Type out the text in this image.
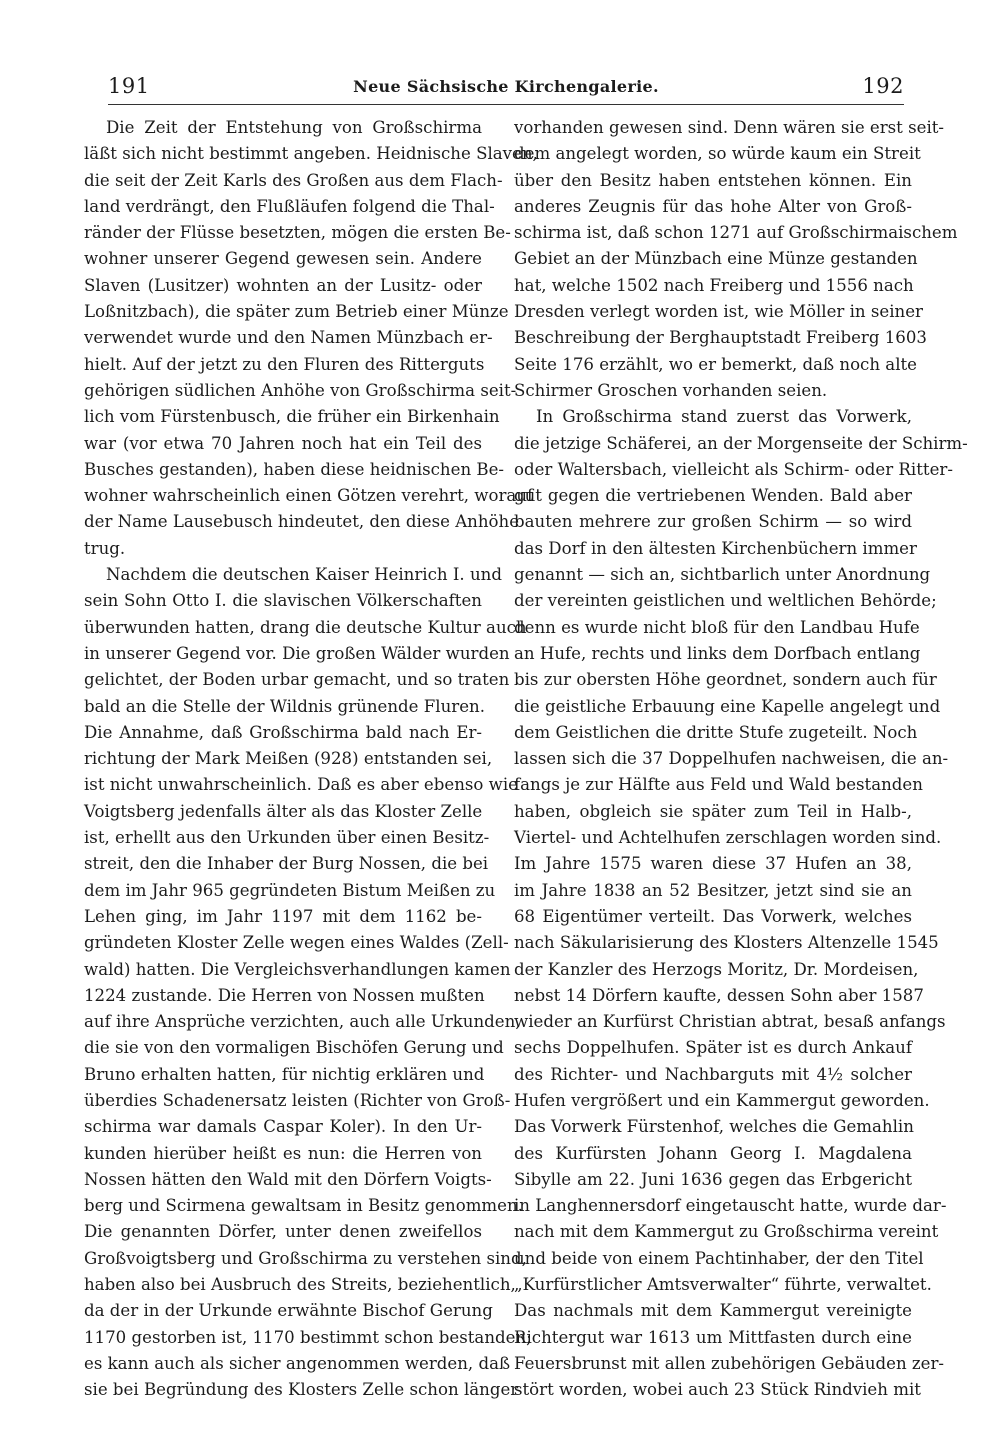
191	Neue Sächsische Kirchengalerie.	192
Die Zeit der Entstehung von Großschirma
läßt sich nicht bestimmt angeben. Heidnische Slaven,
die seit der Zeit Karls des Großen aus dem Flach-
land verdrängt, den Flußläufen folgend die Thal-
ränder der Flüsse besetzten, mögen die ersten Be-
wohner unserer Gegend gewesen sein. Andere
Slaven (Lusitzer) wohnten an der Lusitz- oder
Loßnitzbach), die später zum Betrieb einer Münze
verwendet wurde und den Namen Münzbach er-
hielt. Auf der jetzt zu den Fluren des Ritterguts
gehörigen südlichen Anhöhe von Großschirma seit-
lich vom Fürstenbusch, die früher ein Birkenhain
war (vor etwa 70 Jahren noch hat ein Teil des
Busches gestanden), haben diese heidnischen Be-
wohner wahrscheinlich einen Götzen verehrt, worauf
der Name Lausebusch hindeutet, den diese Anhöhe
trug.
Nachdem die deutschen Kaiser Heinrich I. und
sein Sohn Otto I. die slavischen Völkerschaften
überwunden hatten, drang die deutsche Kultur auch
in unserer Gegend vor. Die großen Wälder wurden
gelichtet, der Boden urbar gemacht, und so traten
bald an die Stelle der Wildnis grünende Fluren.
Die Annahme, daß Großschirma bald nach Er-
richtung der Mark Meißen (928) entstanden sei,
ist nicht unwahrscheinlich. Daß es aber ebenso wie
Voigtsberg jedenfalls älter als das Kloster Zelle
ist, erhellt aus den Urkunden über einen Besitz-
streit, den die Inhaber der Burg Nossen, die bei
dem im Jahr 965 gegründeten Bistum Meißen zu
Lehen ging, im Jahr 1197 mit dem 1162 be-
gründeten Kloster Zelle wegen eines Waldes (Zell-
wald) hatten. Die Vergleichsverhandlungen kamen
1224 zustande. Die Herren von Nossen mußten
auf ihre Ansprüche verzichten, auch alle Urkunden,
die sie von den vormaligen Bischöfen Gerung und
Bruno erhalten hatten, für nichtig erklären und
überdies Schadenersatz leisten (Richter von Groß-
schirma war damals Caspar Koler). In den Ur-
kunden hierüber heißt es nun: die Herren von
Nossen hätten den Wald mit den Dörfern Voigts-
berg und Scirmena gewaltsam in Besitz genommen.
Die genannten Dörfer, unter denen zweifellos
Großvoigtsberg und Großschirma zu verstehen sind,
haben also bei Ausbruch des Streits, beziehentlich,
da der in der Urkunde erwähnte Bischof Gerung
1170 gestorben ist, 1170 bestimmt schon bestanden;
es kann auch als sicher angenommen werden, daß
sie bei Begründung des Klosters Zelle schon länger
vorhanden gewesen sind. Denn wären sie erst seit-
dem angelegt worden, so würde kaum ein Streit
über den Besitz haben entstehen können. Ein
anderes Zeugnis für das hohe Alter von Groß-
schirma ist, daß schon 1271 auf Großschirmaischem
Gebiet an der Münzbach eine Münze gestanden
hat, welche 1502 nach Freiberg und 1556 nach
Dresden verlegt worden ist, wie Möller in seiner
Beschreibung der Berghauptstadt Freiberg 1603
Seite 176 erzählt, wo er bemerkt, daß noch alte
Schirmer Groschen vorhanden seien.
In Großschirma stand zuerst das Vorwerk,
die jetzige Schäferei, an der Morgenseite der Schirm-
oder Waltersbach, vielleicht als Schirm- oder Ritter-
gut gegen die vertriebenen Wenden. Bald aber
bauten mehrere zur großen Schirm — so wird
das Dorf in den ältesten Kirchenbüchern immer
genannt — sich an, sichtbarlich unter Anordnung
der vereinten geistlichen und weltlichen Behörde;
denn es wurde nicht bloß für den Landbau Hufe
an Hufe, rechts und links dem Dorfbach entlang
bis zur obersten Höhe geordnet, sondern auch für
die geistliche Erbauung eine Kapelle angelegt und
dem Geistlichen die dritte Stufe zugeteilt. Noch
lassen sich die 37 Doppelhufen nachweisen, die an-
fangs je zur Hälfte aus Feld und Wald bestanden
haben, obgleich sie später zum Teil in Halb-,
Viertel- und Achtelhufen zerschlagen worden sind.
Im Jahre 1575 waren diese 37 Hufen an 38,
im Jahre 1838 an 52 Besitzer, jetzt sind sie an
68 Eigentümer verteilt. Das Vorwerk, welches
nach Säkularisierung des Klosters Altenzelle 1545
der Kanzler des Herzogs Moritz, Dr. Mordeisen,
nebst 14 Dörfern kaufte, dessen Sohn aber 1587
wieder an Kurfürst Christian abtrat, besaß anfangs
sechs Doppelhufen. Später ist es durch Ankauf
des Richter- und Nachbarguts mit 4½ solcher
Hufen vergrößert und ein Kammergut geworden.
Das Vorwerk Fürstenhof, welches die Gemahlin
des Kurfürsten Johann Georg I. Magdalena
Sibylle am 22. Juni 1636 gegen das Erbgericht
in Langhennersdorf eingetauscht hatte, wurde dar-
nach mit dem Kammergut zu Großschirma vereint
und beide von einem Pachtinhaber, der den Titel
„Kurfürstlicher Amtsverwalter“ führte, verwaltet.
Das nachmals mit dem Kammergut vereinigte
Richtergut war 1613 um Mittfasten durch eine
Feuersbrunst mit allen zubehörigen Gebäuden zer-
stört worden, wobei auch 23 Stück Rindvieh mit
